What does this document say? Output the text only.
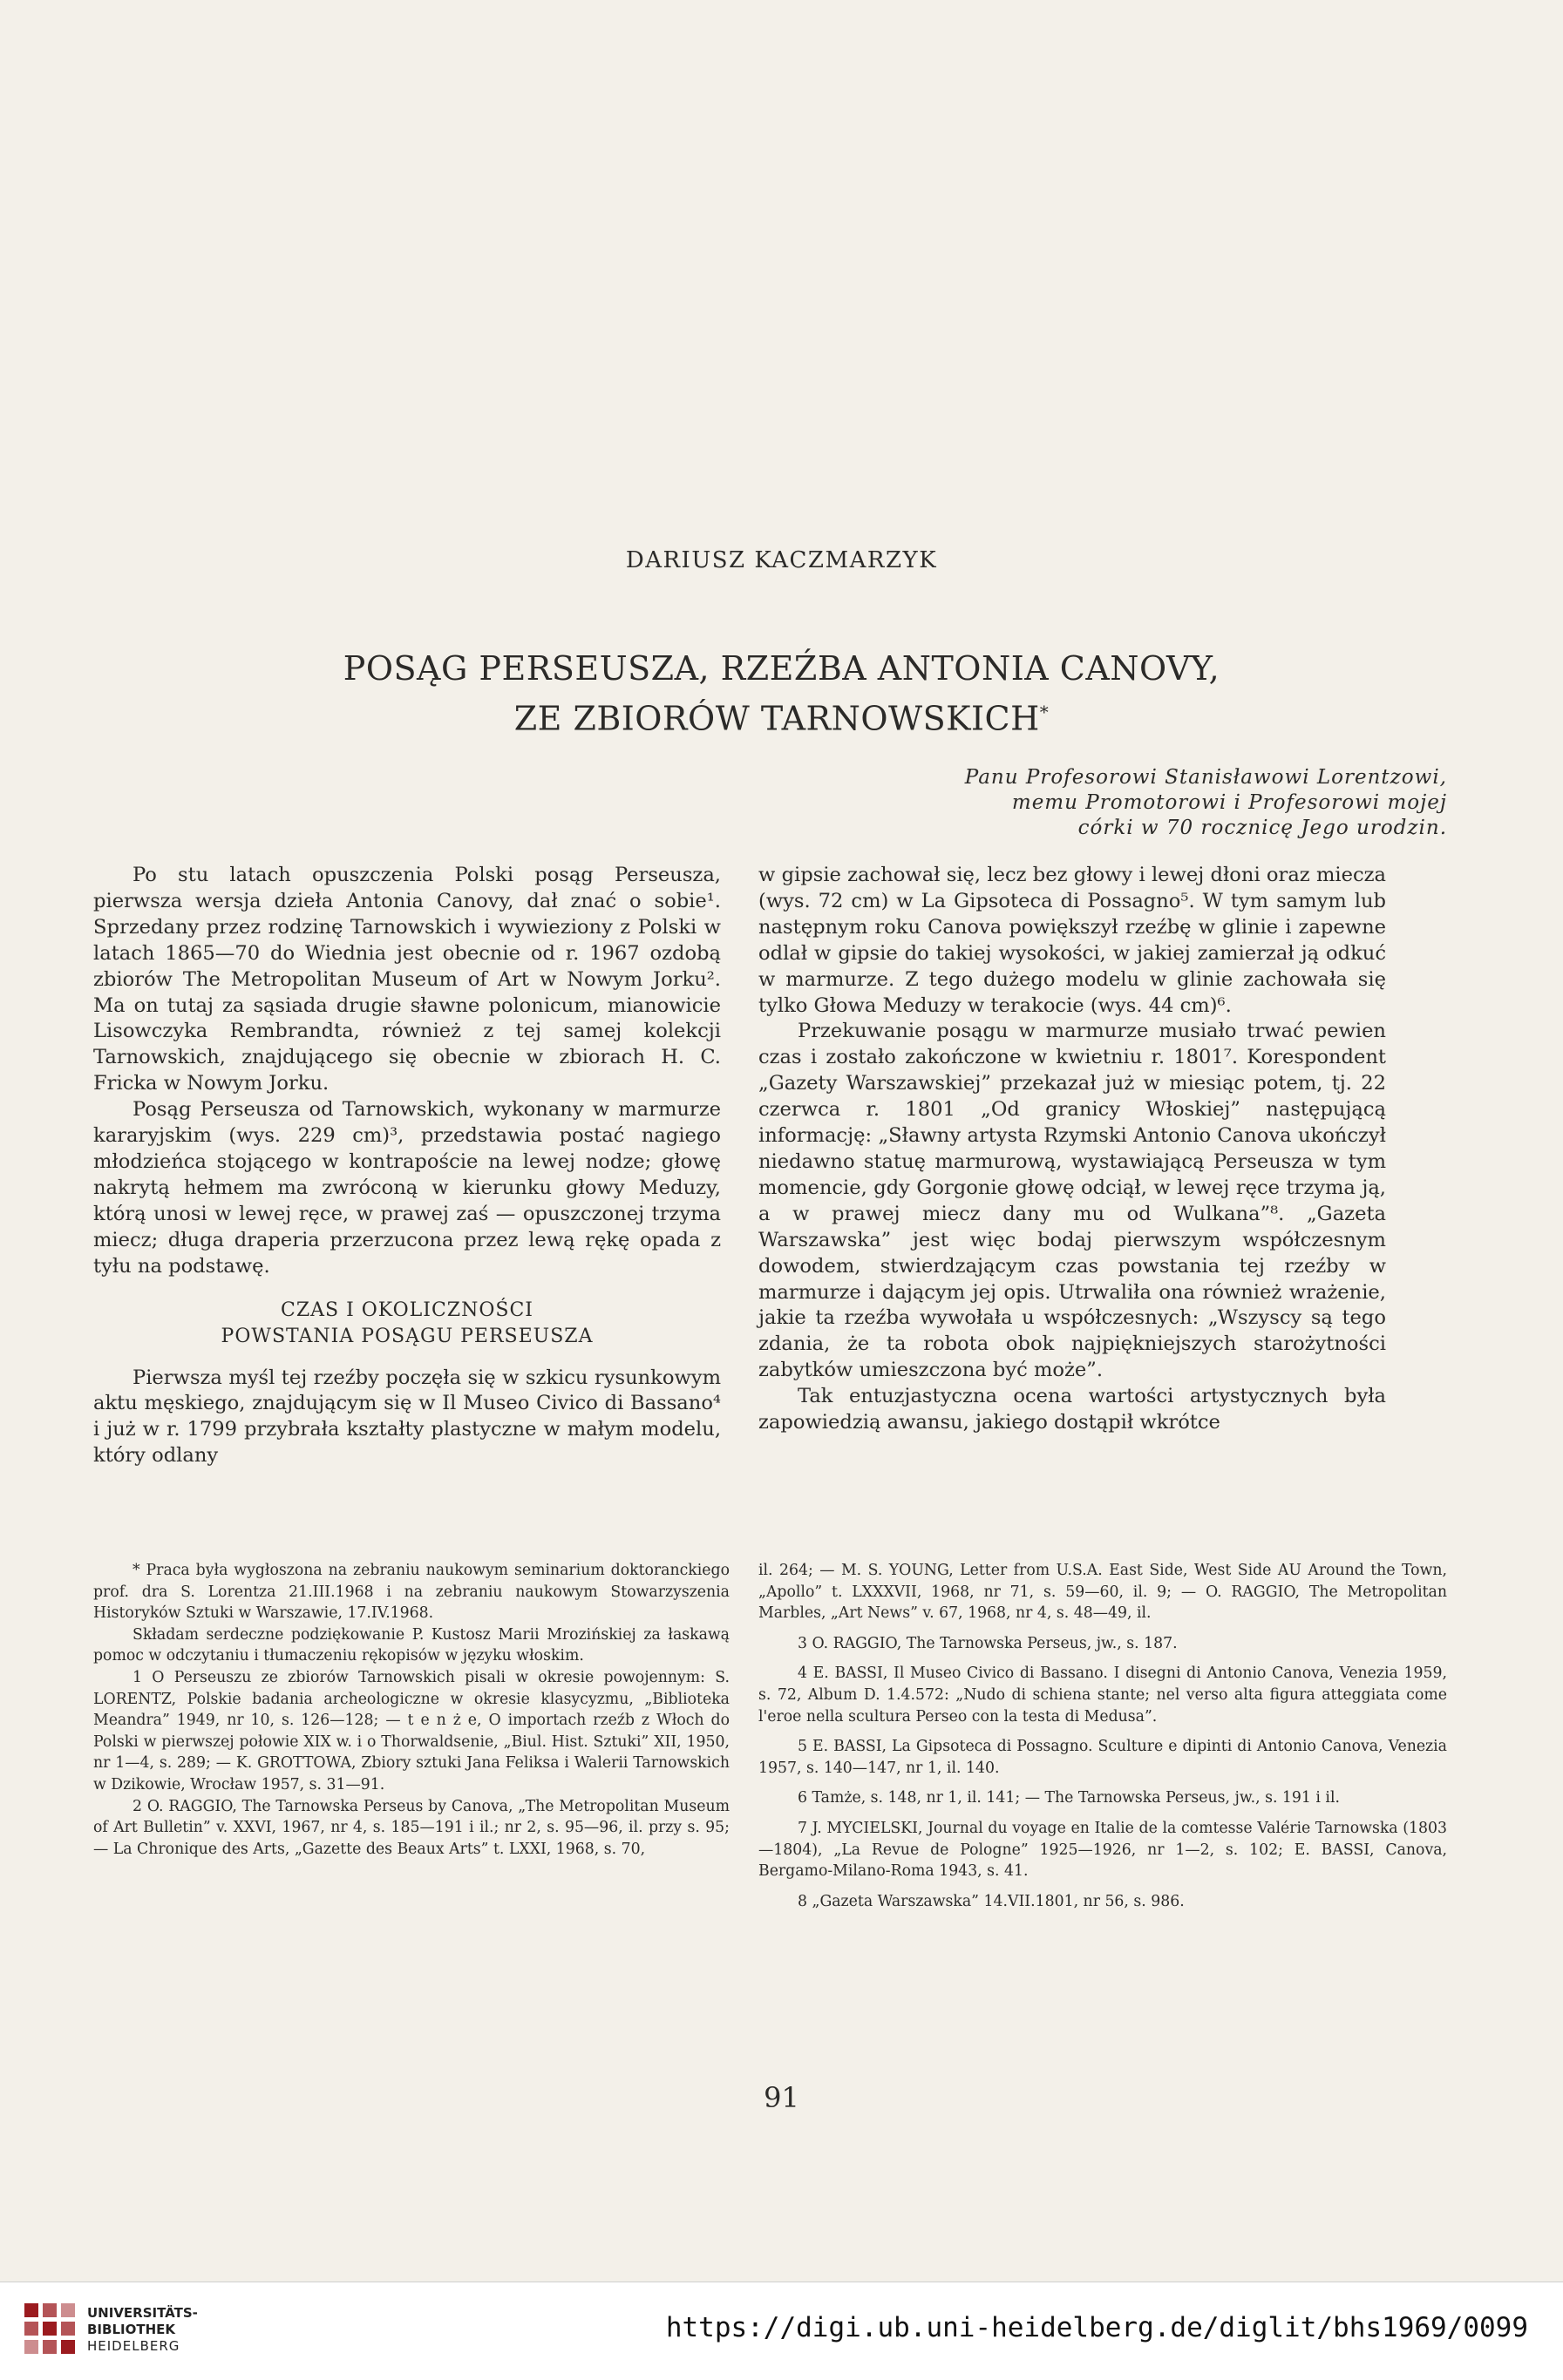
DARIUSZ KACZMARZYK
POSĄG PERSEUSZA, RZEŹBA ANTONIA CANOVY,
ZE ZBIORÓW TARNOWSKICH*
Panu Profesorowi Stanisławowi Lorentzowi,
memu Promotorowi i Profesorowi mojej
córki w 70 rocznicę Jego urodzin.

Po stu latach opuszczenia Polski posąg Perseusza, pierwsza wersja dzieła Antonia Canovy, dał znać o sobie¹. Sprzedany przez rodzinę Tarnowskich i wywieziony z Polski w latach 1865—70 do Wiednia jest obecnie od r. 1967 ozdobą zbiorów The Metropolitan Museum of Art w Nowym Jorku². Ma on tutaj za sąsiada drugie sławne polonicum, mianowicie Lisowczyka Rembrandta, również z tej samej kolekcji Tarnowskich, znajdującego się obecnie w zbiorach H. C. Fricka w Nowym Jorku.

Posąg Perseusza od Tarnowskich, wykonany w marmurze kararyjskim (wys. 229 cm)³, przedstawia postać nagiego młodzieńca stojącego w kontrapoście na lewej nodze; głowę nakrytą hełmem ma zwróconą w kierunku głowy Meduzy, którą unosi w lewej ręce, w prawej zaś — opuszczonej trzyma miecz; długa draperia przerzucona przez lewą rękę opada z tyłu na podstawę.

CZAS I OKOLICZNOŚCI
POWSTANIA POSĄGU PERSEUSZA

Pierwsza myśl tej rzeźby poczęła się w szkicu rysunkowym aktu męskiego, znajdującym się w Il Museo Civico di Bassano⁴ i już w r. 1799 przybrała kształty plastyczne w małym modelu, który odlany

w gipsie zachował się, lecz bez głowy i lewej dłoni oraz miecza (wys. 72 cm) w La Gipsoteca di Possagno⁵. W tym samym lub następnym roku Canova powiększył rzeźbę w glinie i zapewne odlał w gipsie do takiej wysokości, w jakiej zamierzał ją odkuć w marmurze. Z tego dużego modelu w glinie zachowała się tylko Głowa Meduzy w terakocie (wys. 44 cm)⁶.

Przekuwanie posągu w marmurze musiało trwać pewien czas i zostało zakończone w kwietniu r. 1801⁷. Korespondent „Gazety Warszawskiej” przekazał już w miesiąc potem, tj. 22 czerwca r. 1801 „Od granicy Włoskiej” następującą informację: „Sławny artysta Rzymski Antonio Canova ukończył niedawno statuę marmurową, wystawiającą Perseusza w tym momencie, gdy Gorgonie głowę odciął, w lewej ręce trzyma ją, a w prawej miecz dany mu od Wulkana”⁸. „Gazeta Warszawska” jest więc bodaj pierwszym współczesnym dowodem, stwierdzającym czas powstania tej rzeźby w marmurze i dającym jej opis. Utrwaliła ona również wrażenie, jakie ta rzeźba wywołała u współczesnych: „Wszyscy są tego zdania, że ta robota obok najpiękniejszych starożytności zabytków umieszczona być może”.

Tak entuzjastyczna ocena wartości artystycznych była zapowiedzią awansu, jakiego dostąpił wkrótce

* Praca była wygłoszona na zebraniu naukowym seminarium doktoranckiego prof. dra S. Lorentza 21.III.1968 i na zebraniu naukowym Stowarzyszenia Historyków Sztuki w Warszawie, 17.IV.1968.

Składam serdeczne podziękowanie P. Kustosz Marii Mrozińskiej za łaskawą pomoc w odczytaniu i tłumaczeniu rękopisów w języku włoskim.

1 O Perseuszu ze zbiorów Tarnowskich pisali w okresie powojennym: S. LORENTZ, Polskie badania archeologiczne w okresie klasycyzmu, „Biblioteka Meandra” 1949, nr 10, s. 126—128; — t e n ż e, O importach rzeźb z Włoch do Polski w pierwszej połowie XIX w. i o Thorwaldsenie, „Biul. Hist. Sztuki” XII, 1950, nr 1—4, s. 289; — K. GROTTOWA, Zbiory sztuki Jana Feliksa i Walerii Tarnowskich w Dzikowie, Wrocław 1957, s. 31—91.

2 O. RAGGIO, The Tarnowska Perseus by Canova, „The Metropolitan Museum of Art Bulletin” v. XXVI, 1967, nr 4, s. 185—191 i il.; nr 2, s. 95—96, il. przy s. 95; — La Chronique des Arts, „Gazette des Beaux Arts” t. LXXI, 1968, s. 70,

il. 264; — M. S. YOUNG, Letter from U.S.A. East Side, West Side AU Around the Town, „Apollo” t. LXXXVII, 1968, nr 71, s. 59—60, il. 9; — O. RAGGIO, The Metropolitan Marbles, „Art News” v. 67, 1968, nr 4, s. 48—49, il.

3 O. RAGGIO, The Tarnowska Perseus, jw., s. 187.

4 E. BASSI, Il Museo Civico di Bassano. I disegni di Antonio Canova, Venezia 1959, s. 72, Album D. 1.4.572: „Nudo di schiena stante; nel verso alta figura atteggiata come l'eroe nella scultura Perseo con la testa di Medusa”.

5 E. BASSI, La Gipsoteca di Possagno. Sculture e dipinti di Antonio Canova, Venezia 1957, s. 140—147, nr 1, il. 140.

6 Tamże, s. 148, nr 1, il. 141; — The Tarnowska Perseus, jw., s. 191 i il.

7 J. MYCIELSKI, Journal du voyage en Italie de la comtesse Valérie Tarnowska (1803—1804), „La Revue de Pologne” 1925—1926, nr 1—2, s. 102; E. BASSI, Canova, Bergamo-Milano-Roma 1943, s. 41.

8 „Gazeta Warszawska” 14.VII.1801, nr 56, s. 986.

91
UNIVERSITÄTS-
BIBLIOTHEK
HEIDELBERG
https://digi.ub.uni-heidelberg.de/diglit/bhs1969/0099
